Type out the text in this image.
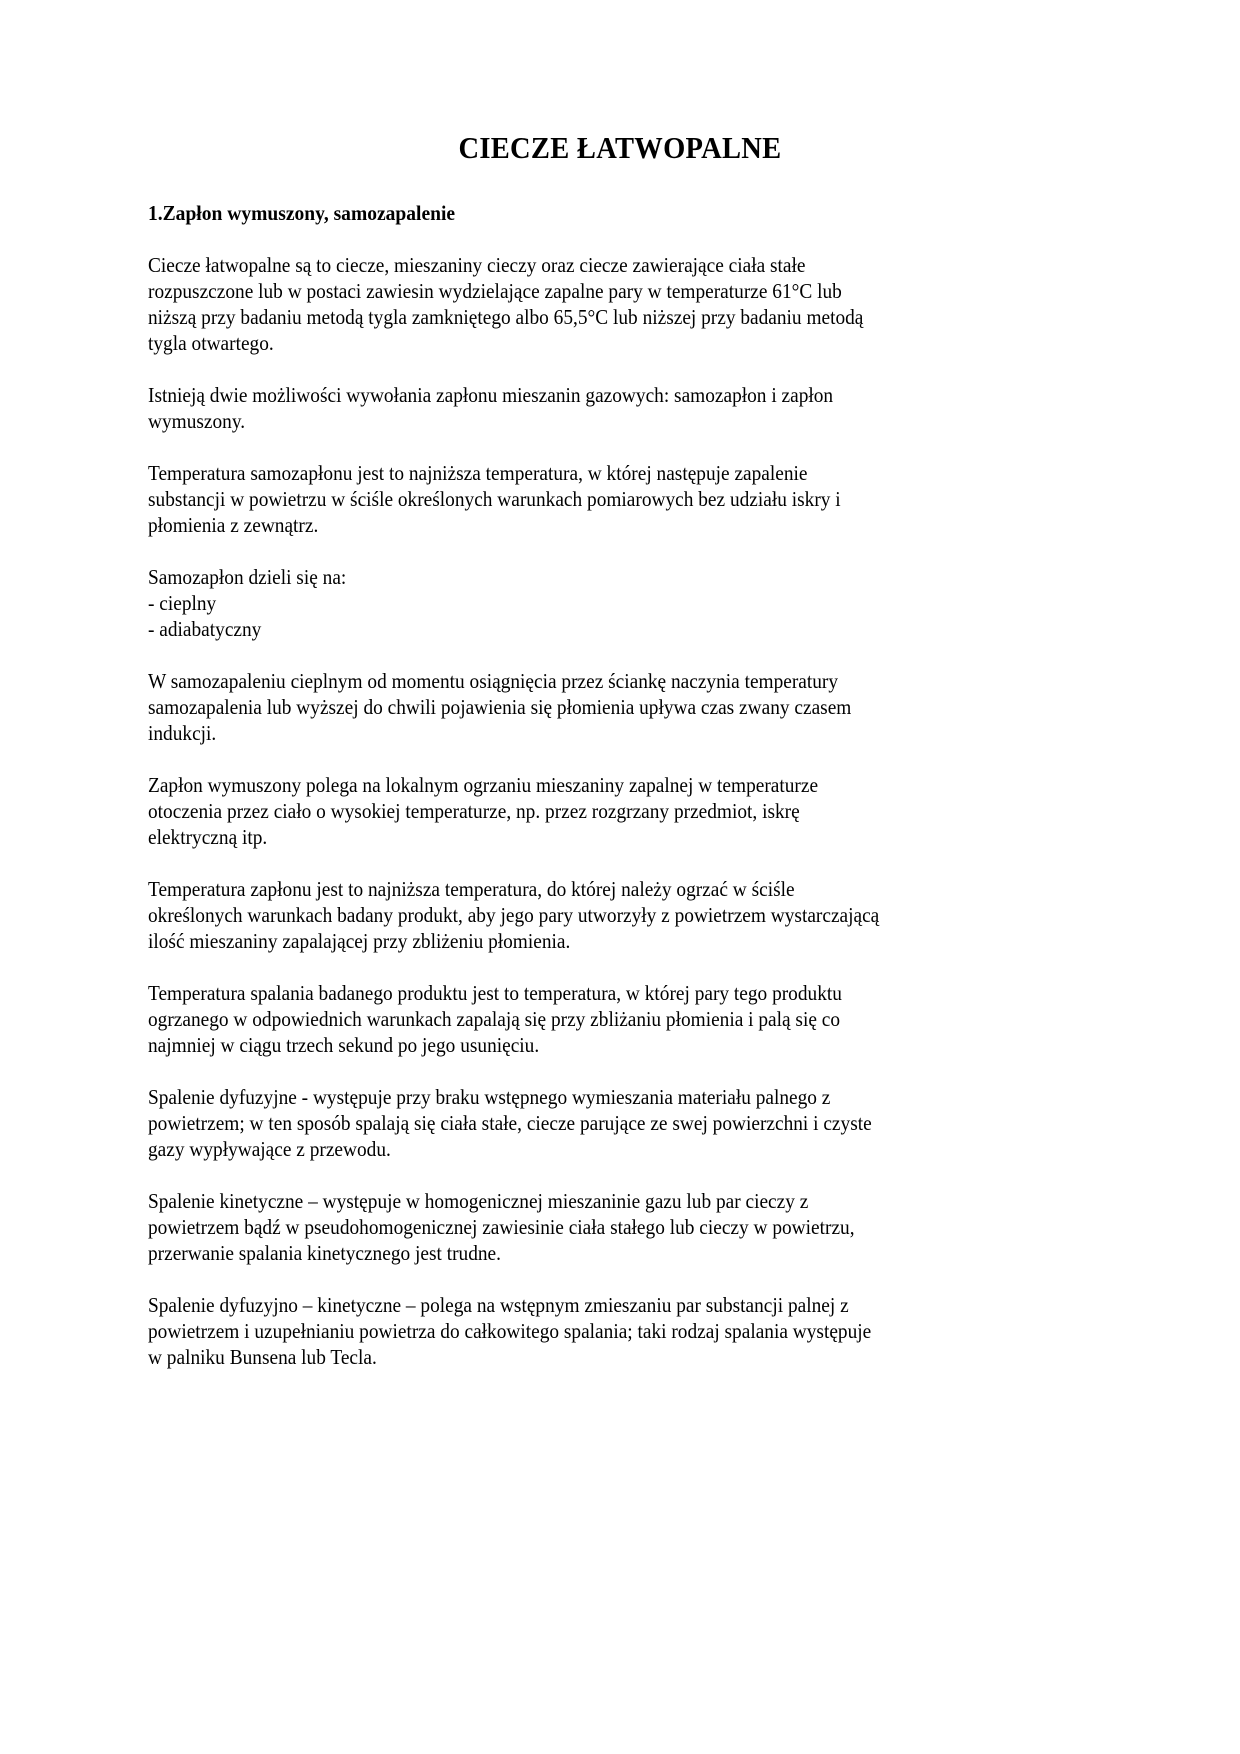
CIECZE ŁATWOPALNE
1.Zapłon wymuszony, samozapalenie
Ciecze łatwopalne są to ciecze, mieszaniny cieczy oraz ciecze zawierające ciała stałe
rozpuszczone lub w postaci zawiesin wydzielające zapalne pary w temperaturze 61°C lub
niższą przy badaniu metodą tygla zamkniętego albo 65,5°C lub niższej przy badaniu metodą
tygla otwartego.
Istnieją dwie możliwości wywołania zapłonu mieszanin gazowych: samozapłon i zapłon
wymuszony.
Temperatura samozapłonu jest to najniższa temperatura, w której następuje zapalenie
substancji w powietrzu w ściśle określonych warunkach pomiarowych bez udziału iskry i
płomienia z zewnątrz.
Samozapłon dzieli się na:
- cieplny
- adiabatyczny
W samozapaleniu cieplnym od momentu osiągnięcia przez ściankę naczynia temperatury
samozapalenia lub wyższej do chwili pojawienia się płomienia upływa czas zwany czasem
indukcji.
Zapłon wymuszony polega na lokalnym ogrzaniu mieszaniny zapalnej w temperaturze
otoczenia przez ciało o wysokiej temperaturze, np. przez rozgrzany przedmiot, iskrę
elektryczną itp.
Temperatura zapłonu jest to najniższa temperatura, do której należy ogrzać w ściśle
określonych warunkach badany produkt, aby jego pary utworzyły z powietrzem wystarczającą
ilość mieszaniny zapalającej przy zbliżeniu płomienia.
Temperatura spalania badanego produktu jest to temperatura, w której pary tego produktu
ogrzanego w odpowiednich warunkach zapalają się przy zbliżaniu płomienia i palą się co
najmniej w ciągu trzech sekund po jego usunięciu.
Spalenie dyfuzyjne - występuje przy braku wstępnego wymieszania materiału palnego z
powietrzem; w ten sposób spalają się ciała stałe, ciecze parujące ze swej powierzchni i czyste
gazy wypływające z przewodu.
Spalenie kinetyczne – występuje w homogenicznej mieszaninie gazu lub par cieczy z
powietrzem bądź w pseudohomogenicznej zawiesinie ciała stałego lub cieczy w powietrzu,
przerwanie spalania kinetycznego jest trudne.
Spalenie dyfuzyjno – kinetyczne – polega na wstępnym zmieszaniu par substancji palnej z
powietrzem i uzupełnianiu powietrza do całkowitego spalania; taki rodzaj spalania występuje
w palniku Bunsena lub Tecla.
